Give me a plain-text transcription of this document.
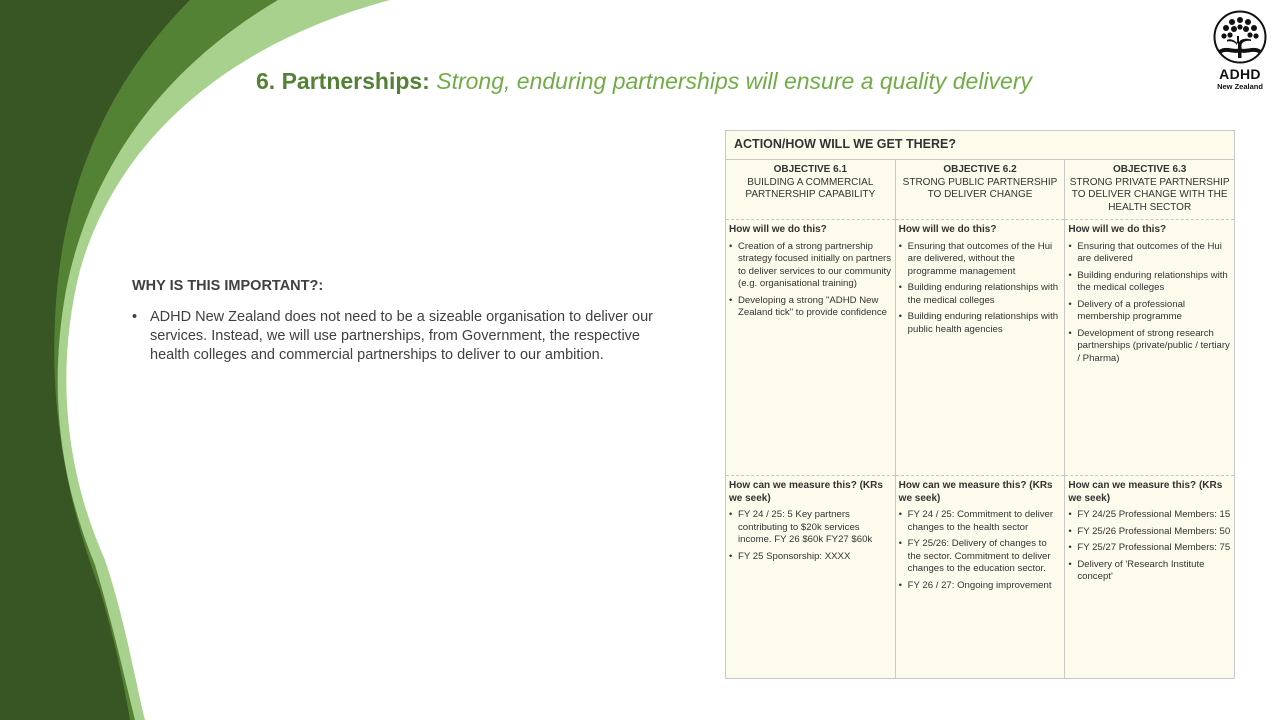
6. Partnerships: Strong, enduring partnerships will ensure a quality delivery	ADHD
New Zealand
WHY IS THIS IMPORTANT?:
• ADHD New Zealand does not need to be a sizeable organisation to deliver our services. Instead, we will use partnerships, from Government, the respective health colleges and commercial partnerships to deliver to our ambition.
ACTION/HOW WILL WE GET THERE?
OBJECTIVE 6.1
BUILDING A COMMERCIAL PARTNERSHIP CAPABILITY
How will we do this?
• Creation of a strong partnership strategy focused initially on partners to deliver services to our community (e.g. organisational training)
• Developing a strong "ADHD New Zealand tick" to provide confidence
How can we measure this? (KRs we seek)
• FY 24 / 25: 5 Key partners contributing to $20k services income. FY 26 $60k FY27 $60k
• FY 25 Sponsorship: XXXX
OBJECTIVE 6.2
STRONG PUBLIC PARTNERSHIP TO DELIVER CHANGE
How will we do this?
• Ensuring that outcomes of the Hui are delivered, without the programme management
• Building enduring relationships with the medical colleges
• Building enduring relationships with public health agencies
How can we measure this? (KRs we seek)
• FY 24 / 25: Commitment to deliver changes to the health sector
• FY 25/26: Delivery of changes to the sector. Commitment to deliver changes to the education sector.
• FY 26 / 27: Ongoing improvement
OBJECTIVE 6.3
STRONG PRIVATE PARTNERSHIP TO DELIVER CHANGE WITH THE HEALTH SECTOR
How will we do this?
• Ensuring that outcomes of the Hui are delivered
• Building enduring relationships with the medical colleges
• Delivery of a professional membership programme
• Development of strong research partnerships (private/public / tertiary / Pharma)
How can we measure this? (KRs we seek)
• FY 24/25 Professional Members: 15
• FY 25/26 Professional Members: 50
• FY 25/27 Professional Members: 75
• Delivery of 'Research Institute concept'
